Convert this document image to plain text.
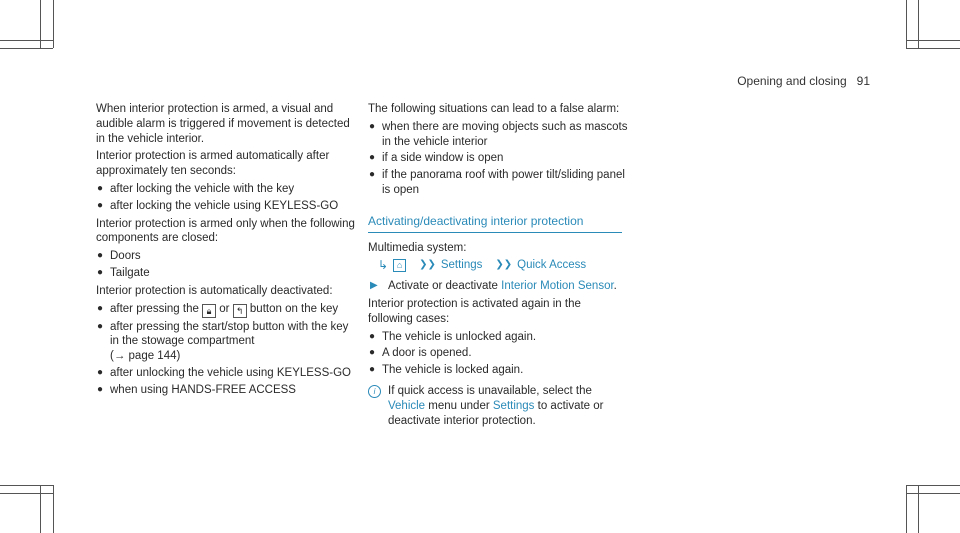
Opening and closing 91

When interior protection is armed, a visual and audible alarm is triggered if movement is detected in the vehicle interior.

Interior protection is armed automatically after approximately ten seconds:

● after locking the vehicle with the key
● after locking the vehicle using KEYLESS-GO

Interior protection is armed only when the following components are closed:

● Doors
● Tailgate

Interior protection is automatically deactivated:

● after pressing the 🔒︎ or ↰ button on the key
● after pressing the start/stop button with the key in the stowage compartment
(→ page 144)
● after unlocking the vehicle using KEYLESS-GO
● when using HANDS-FREE ACCESS

The following situations can lead to a false alarm:

● when there are moving objects such as mascots in the vehicle interior
● if a side window is open
● if the panorama roof with power tilt/sliding panel is open
Activating/deactivating interior protection

Multimedia system:

↳ ⌂	❯❯ Settings ❯❯ Quick Access

▶ Activate or deactivate Interior Motion Sensor.

Interior protection is activated again in the following cases:

● The vehicle is unlocked again.
● A door is opened.
● The vehicle is locked again.

i	If quick access is unavailable, select the Vehicle menu under Settings to activate or deactivate interior protection.
